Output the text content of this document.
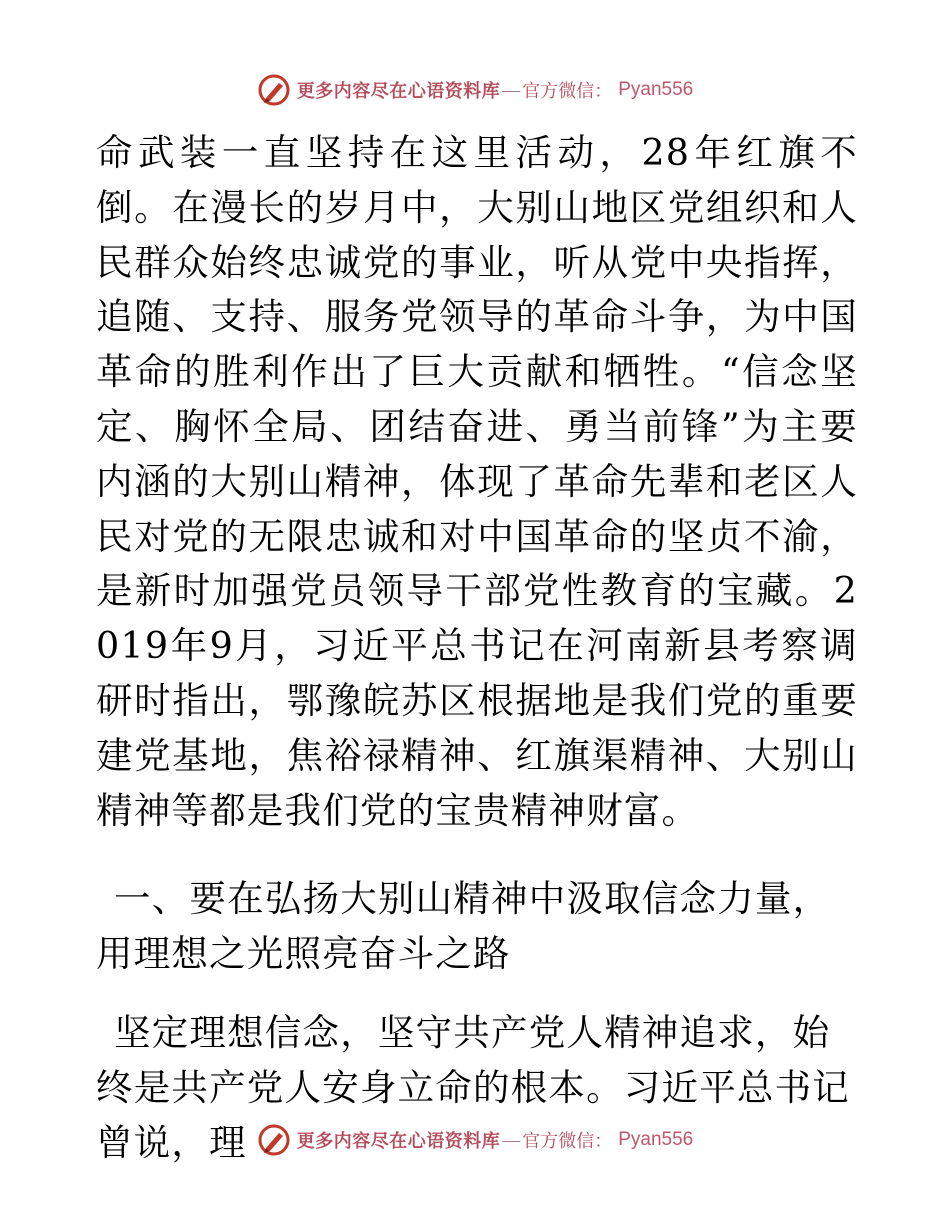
更多内容尽在心语资料库 — 官方微信： Pyan556

命武装一直坚持在这里活动，28年红旗不倒。在漫长的岁月中，大别山地区党组织和人民群众始终忠诚党的事业，听从党中央指挥，追随、支持、服务党领导的革命斗争，为中国革命的胜利作出了巨大贡献和牺牲。“信念坚定、胸怀全局、团结奋进、勇当前锋”为主要内涵的大别山精神，体现了革命先辈和老区人民对党的无限忠诚和对中国革命的坚贞不渝，是新时加强党员领导干部党性教育的宝藏。2019年9月，习近平总书记在河南新县考察调研时指出，鄂豫皖苏区根据地是我们党的重要建党基地，焦裕禄精神、红旗渠精神、大别山精神等都是我们党的宝贵精神财富。

一、要在弘扬大别山精神中汲取信念力量，用理想之光照亮奋斗之路

坚定理想信念，坚守共产党人精神追求，始终是共产党人安身立命的根本。习近平总书记曾说，理	更多内容尽在心语资料库 — 官方微信： Pyan556
